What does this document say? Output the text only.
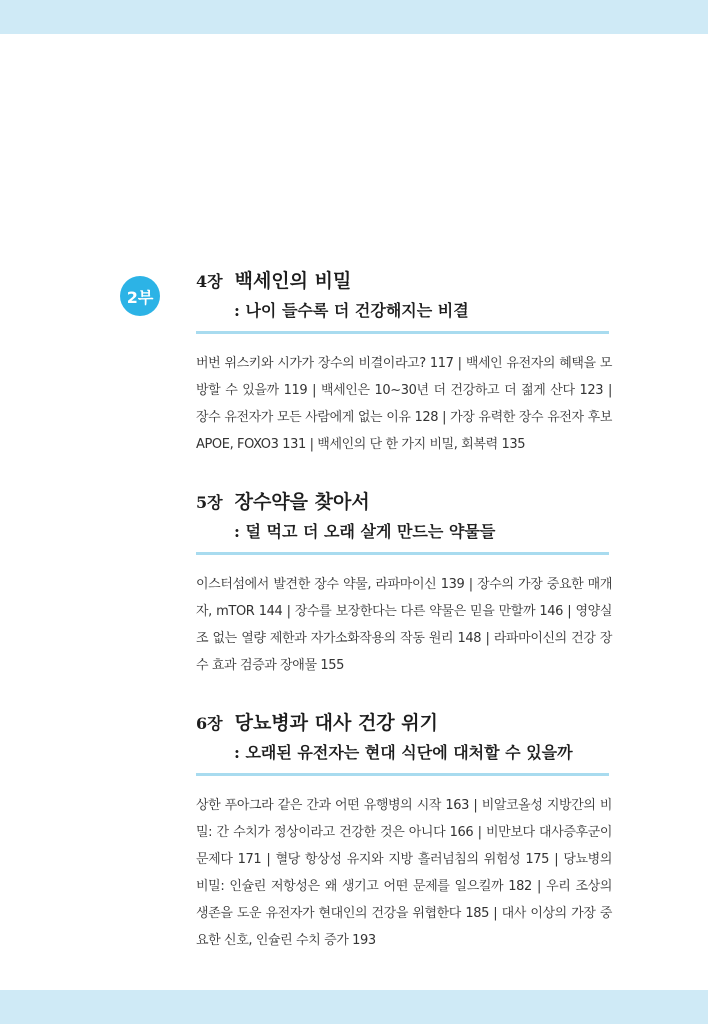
2부
4장 백세인의 비밀
: 나이 들수록 더 건강해지는 비결
버번 위스키와 시가가 장수의 비결이라고? 117 | 백세인 유전자의 혜택을 모방할 수 있을까 119 | 백세인은 10~30년 더 건강하고 더 젊게 산다 123 | 장수 유전자가 모든 사람에게 없는 이유 128 | 가장 유력한 장수 유전자 후보 APOE, FOXO3 131 | 백세인의 단 한 가지 비밀, 회복력 135
5장 장수약을 찾아서
: 덜 먹고 더 오래 살게 만드는 약물들
이스터섬에서 발견한 장수 약물, 라파마이신 139 | 장수의 가장 중요한 매개자, mTOR 144 | 장수를 보장한다는 다른 약물은 믿을 만할까 146 | 영양실조 없는 열량 제한과 자가소화작용의 작동 원리 148 | 라파마이신의 건강 장수 효과 검증과 장애물 155
6장 당뇨병과 대사 건강 위기
: 오래된 유전자는 현대 식단에 대처할 수 있을까
상한 푸아그라 같은 간과 어떤 유행병의 시작 163 | 비알코올성 지방간의 비밀: 간 수치가 정상이라고 건강한 것은 아니다 166 | 비만보다 대사증후군이 문제다 171 | 혈당 항상성 유지와 지방 흘러넘침의 위험성 175 | 당뇨병의 비밀: 인슐린 저항성은 왜 생기고 어떤 문제를 일으킬까 182 | 우리 조상의 생존을 도운 유전자가 현대인의 건강을 위협한다 185 | 대사 이상의 가장 중요한 신호, 인슐린 수치 증가 193
